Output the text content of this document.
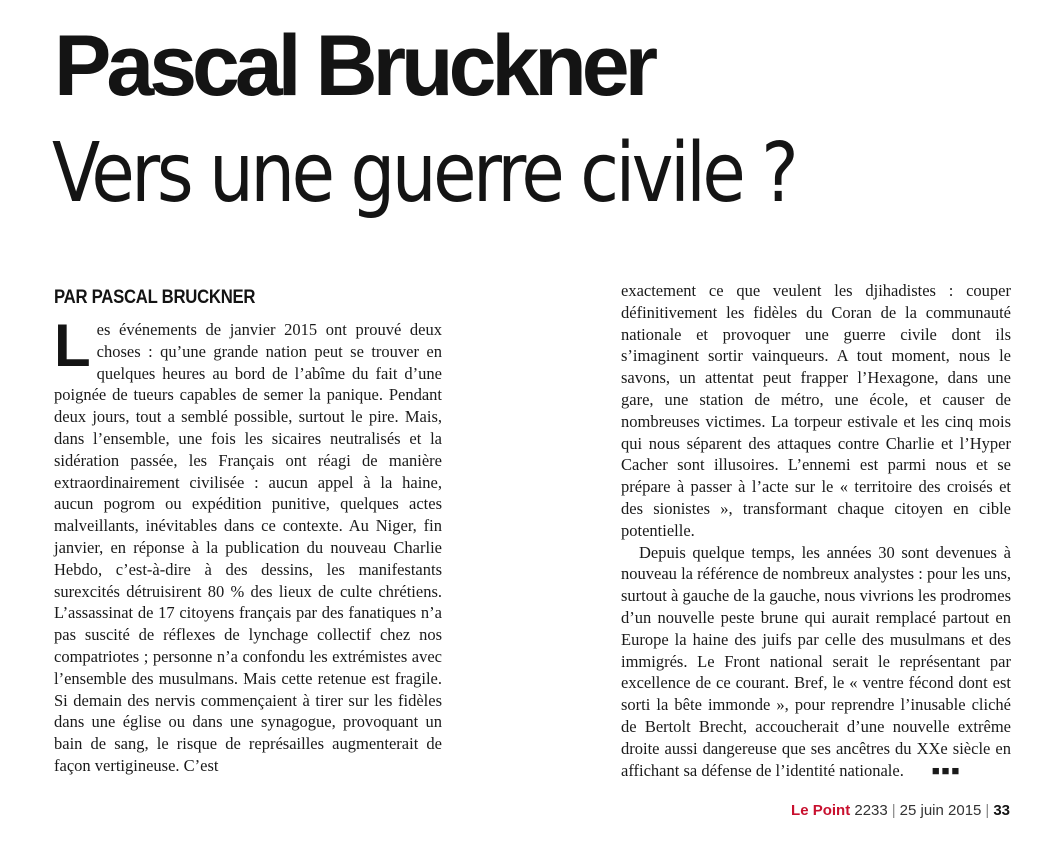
Pascal Bruckner
Vers une guerre civile ?
PAR PASCAL BRUCKNER

Les événements de janvier 2015 ont prouvé deux choses : qu’une grande nation peut se trouver en quelques heures au bord de l’abîme du fait d’une poignée de tueurs capables de semer la panique. Pendant deux jours, tout a semblé possible, surtout le pire. Mais, dans l’ensemble, une fois les sicaires neutralisés et la sidération passée, les Français ont réagi de manière extraordinairement civilisée : aucun appel à la haine, aucun pogrom ou expédition punitive, quelques actes malveillants, inévitables dans ce contexte. Au Niger, fin janvier, en réponse à la publication du nouveau Charlie Hebdo, c’est-à-dire à des dessins, les manifestants surexcités détruisirent 80 % des lieux de culte chrétiens. L’assassinat de 17 citoyens français par des fanatiques n’a pas suscité de réflexes de lynchage collectif chez nos compatriotes ; personne n’a confondu les extrémistes avec l’ensemble des musulmans. Mais cette retenue est fragile. Si demain des nervis commençaient à tirer sur les fidèles dans une église ou dans une synagogue, provoquant un bain de sang, le risque de représailles augmenterait de façon vertigineuse. C’est

exactement ce que veulent les djihadistes : couper définitivement les fidèles du Coran de la communauté nationale et provoquer une guerre civile dont ils s’imaginent sortir vainqueurs. A tout moment, nous le savons, un attentat peut frapper l’Hexagone, dans une gare, une station de métro, une école, et causer de nombreuses victimes. La torpeur estivale et les cinq mois qui nous séparent des attaques contre Charlie et l’Hyper Cacher sont illusoires. L’ennemi est parmi nous et se prépare à passer à l’acte sur le « territoire des croisés et des sionistes », transformant chaque citoyen en cible potentielle.

Depuis quelque temps, les années 30 sont devenues à nouveau la référence de nombreux analystes : pour les uns, surtout à gauche de la gauche, nous vivrions les prodromes d’un nouvelle peste brune qui aurait remplacé partout en Europe la haine des juifs par celle des musulmans et des immigrés. Le Front national serait le représentant par excellence de ce courant. Bref, le « ventre fécond dont est sorti la bête immonde », pour reprendre l’inusable cliché de Bertolt Brecht, accoucherait d’une nouvelle extrême droite aussi dangereuse que ses ancêtres du XXe siècle en affichant sa défense de l’identité nationale. ■■■

Le Point 2233 | 25 juin 2015 | 33
